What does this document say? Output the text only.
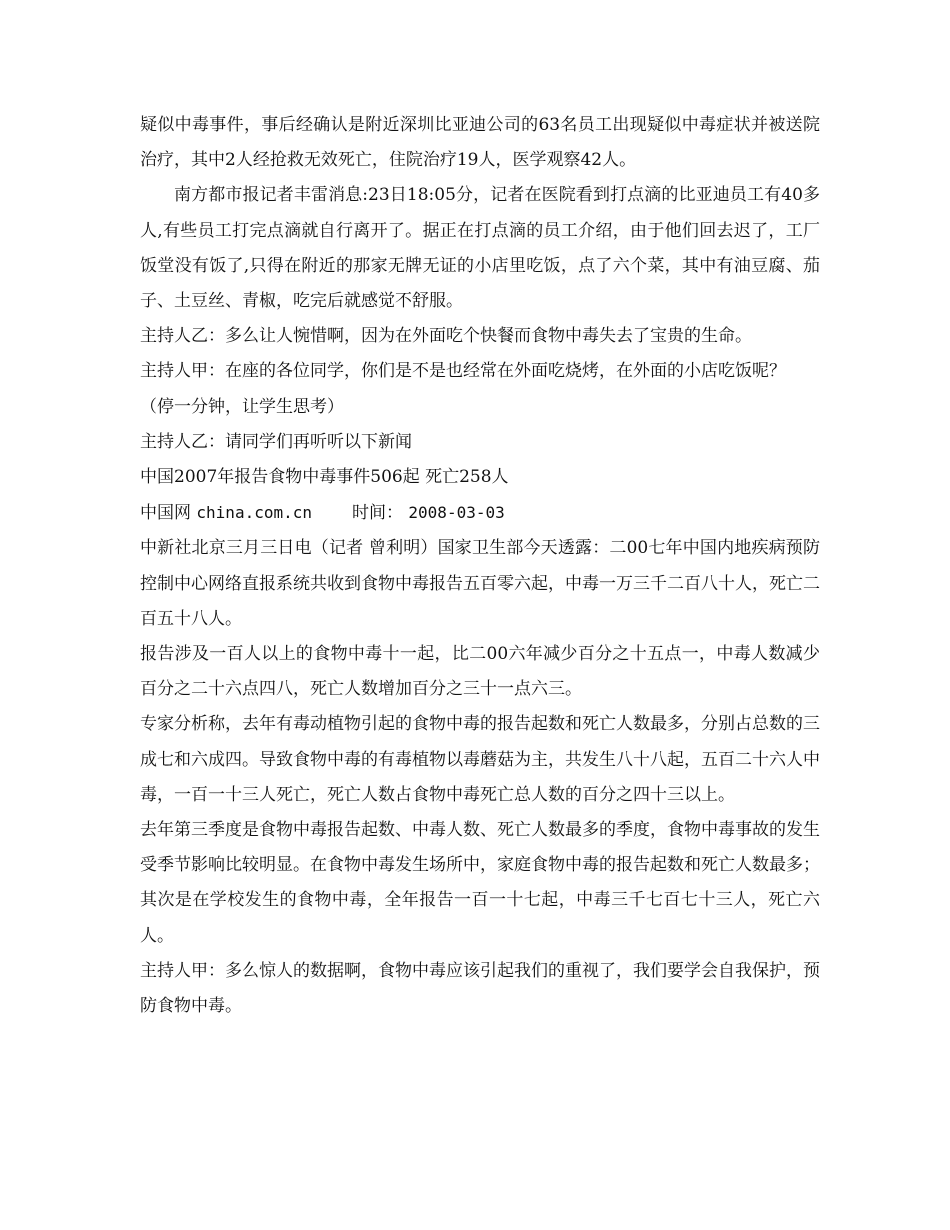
疑似中毒事件，事后经确认是附近深圳比亚迪公司的63名员工出现疑似中毒症状并被送院治疗，其中2人经抢救无效死亡，住院治疗19人，医学观察42人。

南方都市报记者丰雷消息:23日18:05分，记者在医院看到打点滴的比亚迪员工有40多人,有些员工打完点滴就自行离开了。据正在打点滴的员工介绍，由于他们回去迟了，工厂饭堂没有饭了,只得在附近的那家无牌无证的小店里吃饭，点了六个菜，其中有油豆腐、茄子、土豆丝、青椒，吃完后就感觉不舒服。

主持人乙：多么让人惋惜啊，因为在外面吃个快餐而食物中毒失去了宝贵的生命。

主持人甲：在座的各位同学，你们是不是也经常在外面吃烧烤，在外面的小店吃饭呢？

（停一分钟，让学生思考）

主持人乙：请同学们再听听以下新闻

中国2007年报告食物中毒事件506起 死亡258人

中国网 china.com.cn 时间： 2008-03-03

中新社北京三月三日电（记者 曾利明）国家卫生部今天透露：二00七年中国内地疾病预防控制中心网络直报系统共收到食物中毒报告五百零六起，中毒一万三千二百八十人，死亡二百五十八人。

报告涉及一百人以上的食物中毒十一起，比二00六年减少百分之十五点一，中毒人数减少百分之二十六点四八，死亡人数增加百分之三十一点六三。

专家分析称，去年有毒动植物引起的食物中毒的报告起数和死亡人数最多，分别占总数的三成七和六成四。导致食物中毒的有毒植物以毒蘑菇为主，共发生八十八起，五百二十六人中毒，一百一十三人死亡，死亡人数占食物中毒死亡总人数的百分之四十三以上。

去年第三季度是食物中毒报告起数、中毒人数、死亡人数最多的季度，食物中毒事故的发生受季节影响比较明显。在食物中毒发生场所中，家庭食物中毒的报告起数和死亡人数最多；其次是在学校发生的食物中毒，全年报告一百一十七起，中毒三千七百七十三人，死亡六人。

主持人甲：多么惊人的数据啊，食物中毒应该引起我们的重视了，我们要学会自我保护，预防食物中毒。
